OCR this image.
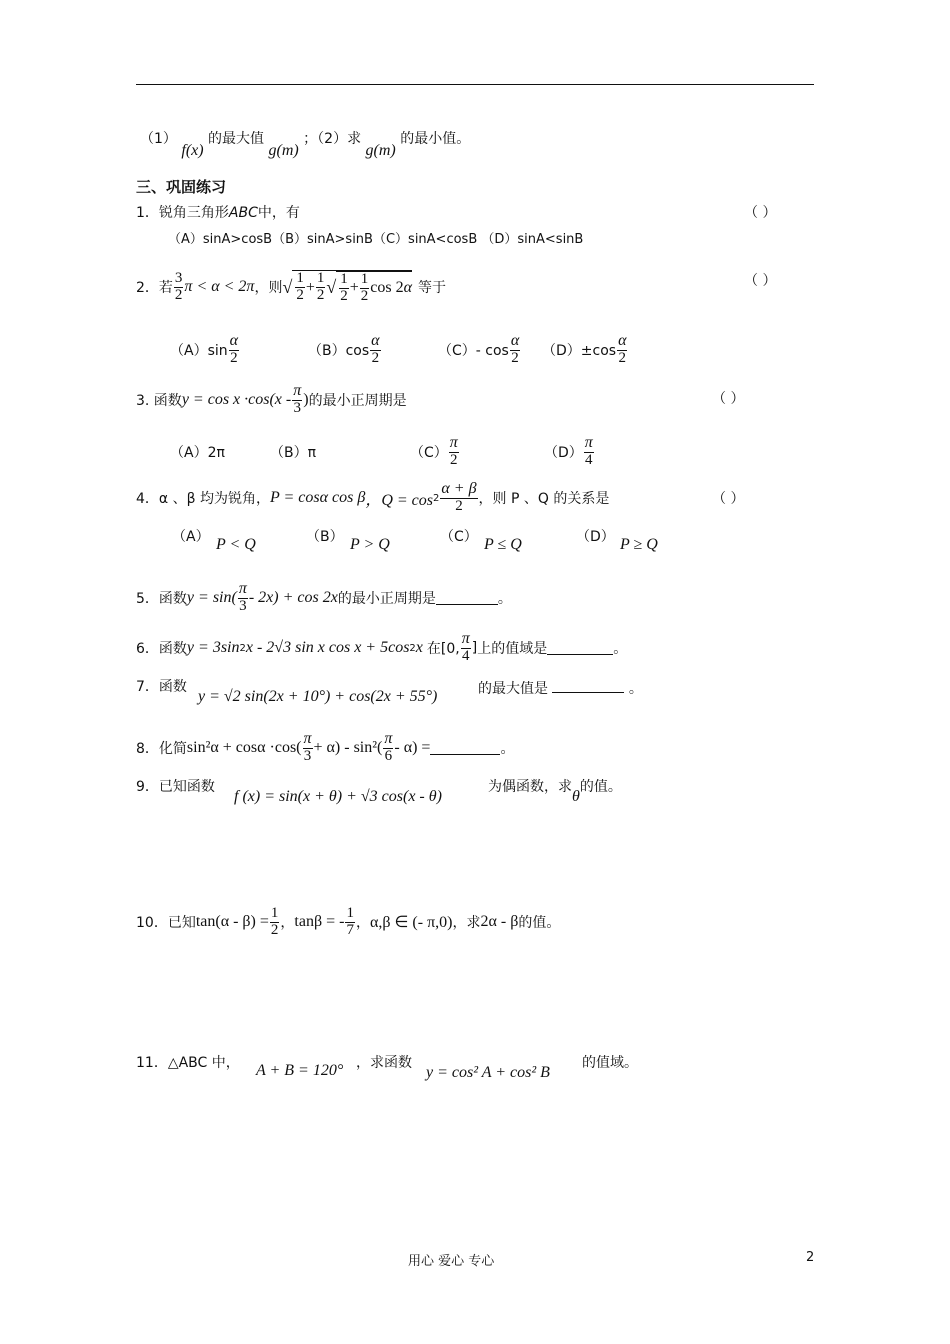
（1） f(x) 的最大值 g(m) ；（2）求 g(m) 的最小值。
三、巩固练习
1．锐角三角形ABC中，有	（ ）
（A）sinA>cosB（B）sinA>sinB（C）sinA<cosB （D）sinA<sinB
2．若 $\frac{3}{2}$ π < α < 2π ，则 √ $\frac{1}{2} + \frac{1}{2}$ √ $\frac{1}{2} + \frac{1}{2}$ cos 2α 等于	（ ）
$(A)\sin \frac{\alpha}{2}$	$(B)\cos \frac{\alpha}{2}$	（C）- $\cos \frac{\alpha}{2} (D)\pm\cos \frac{\alpha}{2}$
3. 函数 $y = \cos x \cdot\cos(x - \frac{\pi}{3}$ ) 的最小正周期是	（ ）
（A）2π	（B）π	$(C) \frac{\pi}{2}$	$(D) \frac{\pi}{4}$
4． α 、β 均为锐角， P = cosα cos β ，$Q = \cos 2 \frac{\alpha + \beta}{2}$ ，则 P 、Q 的关系是	（ ）
（A） P < Q	（B） P > Q	（C） P ≤ Q	（D） P ≥ Q
5．函数 $y = \sin( \frac{\pi}{3} - 2x) + \cos 2x$ 的最小正周期是	。
6．函数 y = 3sin 2 x - 2√3 sin x cos x + 5cos 2 x 在[0, $\frac{\pi}{4}$ ] 上的值域是	。
7．函数
y = √2 sin(2x + 10°) + cos(2x + 55°)	的最大值是	。
8．化简 $\sin^2\alpha + \cos\alpha \cdot\cos( \frac{\pi}{3} + \alpha) - \sin^2( \frac{\pi}{6} - \alpha)$ =	。
9．已知函数
f (x) = sin(x + θ) + √3 cos(x - θ)
为偶函数，求θ的值。
10．已知 $\tan(\alpha - \beta) = \frac{1}{2}$ ， tanβ = - $\frac{1}{7}$ ， α,β ∈ (- π,0) ，求 2α - β 的值。
11．△ABC 中， A + B = 120° ，求函数
y = cos² A + cos² B
的值域。
用心 爱心 专心	2
